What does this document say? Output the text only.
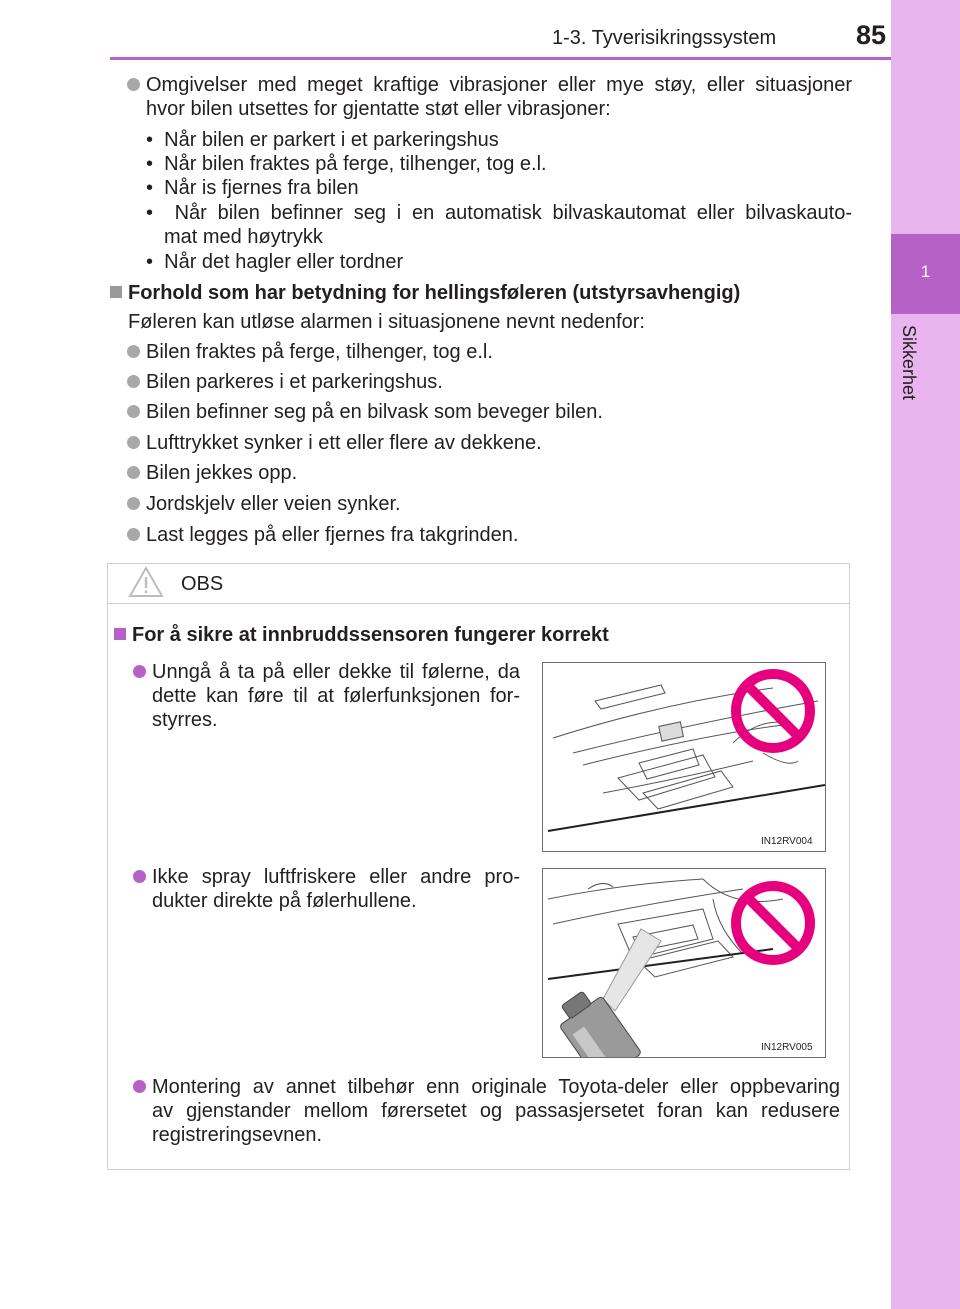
1
Sikkerhet
1-3. Tyverisikringssystem	85
Omgivelser med meget kraftige vibrasjoner eller mye støy, eller situasjoner
hvor bilen utsettes for gjentatte støt eller vibrasjoner:
•  Når bilen er parkert i et parkeringshus
•  Når bilen fraktes på ferge, tilhenger, tog e.l.
•  Når is fjernes fra bilen
•  Når bilen befinner seg i en automatisk bilvaskautomat eller bilvaskauto-
mat med høytrykk
•  Når det hagler eller tordner
Forhold som har betydning for hellingsføleren (utstyrsavhengig)
Føleren kan utløse alarmen i situasjonene nevnt nedenfor:
Bilen fraktes på ferge, tilhenger, tog e.l.
Bilen parkeres i et parkeringshus.
Bilen befinner seg på en bilvask som beveger bilen.
Lufttrykket synker i ett eller flere av dekkene.
Bilen jekkes opp.
Jordskjelv eller veien synker.
Last legges på eller fjernes fra takgrinden.
OBS
For å sikre at innbruddssensoren fungerer korrekt
Unngå å ta på eller dekke til følerne, da
dette kan føre til at følerfunksjonen for-
styrres.
IN12RV004
Ikke spray luftfriskere eller andre pro-
dukter direkte på følerhullene.
IN12RV005
Montering av annet tilbehør enn originale Toyota-deler eller oppbevaring
av gjenstander mellom førersetet og passasjersetet foran kan redusere
registreringsevnen.
